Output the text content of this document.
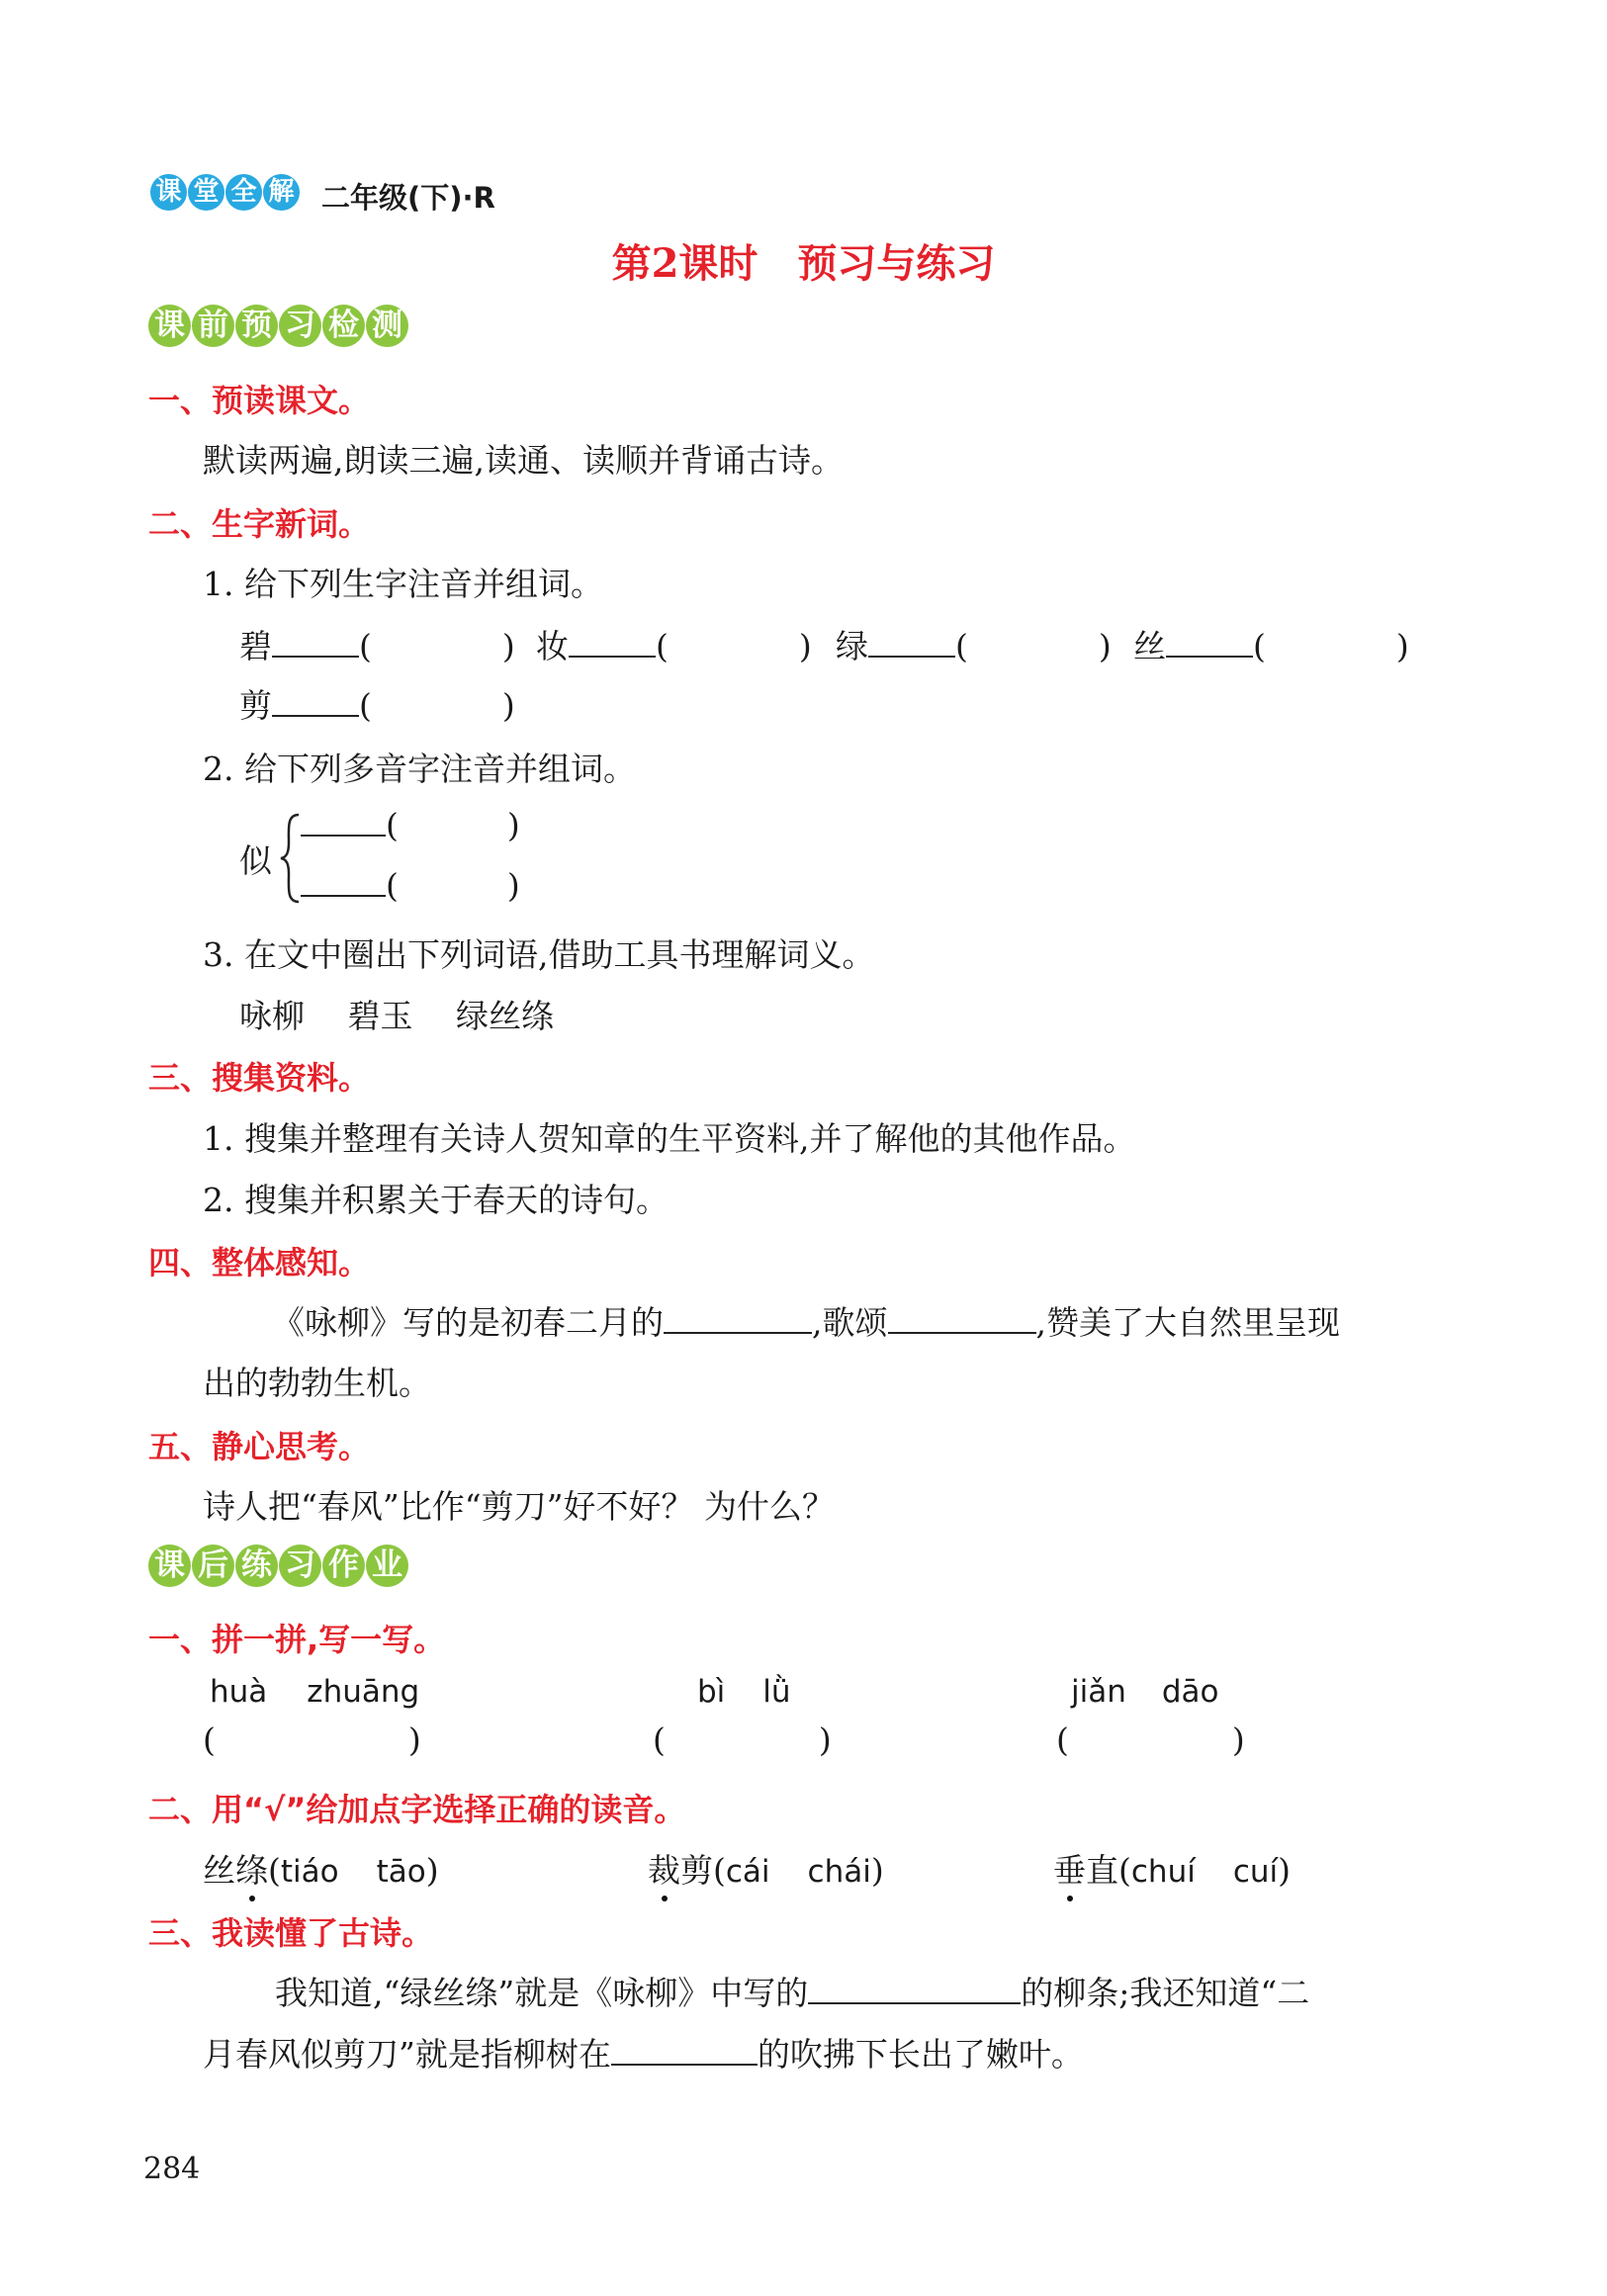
课 堂 全 解 二年级(下)·R
第2课时　预习与练习
课 前 预 习 检 测
一、预读课文。
默读两遍,朗读三遍,读通、读顺并背诵古诗。
二、生字新词。
1. 给下列生字注音并组词。
碧	(	) 妆	(	) 绿	(	) 丝	(	)
剪	(	)
2. 给下列多音字注音并组词。
似
(	)
(	)
3. 在文中圈出下列词语,借助工具书理解词义。
咏柳　 碧玉　 绿丝绦
三、搜集资料。
1. 搜集并整理有关诗人贺知章的生平资料,并了解他的其他作品。
2. 搜集并积累关于春天的诗句。
四、整体感知。
《咏柳》写的是初春二月的	,歌颂	,赞美了大自然里呈现
出的勃勃生机。
五、静心思考。
诗人把“春风”比作“剪刀”好不好？ 为什么？
课 后 练 习 作 业
一、拼一拼,写一写。
huà zhuāng	bì lǜ	jiǎn dāo
(	)	(	)	(	)
二、用“√”给加点字选择正确的读音。
丝绦(tiáo tāo)	裁剪(cái chái)	垂直(chuí cuí)
三、我读懂了古诗。
我知道,“绿丝绦”就是《咏柳》中写的	的柳条;我还知道“二
月春风似剪刀”就是指柳树在	的吹拂下长出了嫩叶。
284
